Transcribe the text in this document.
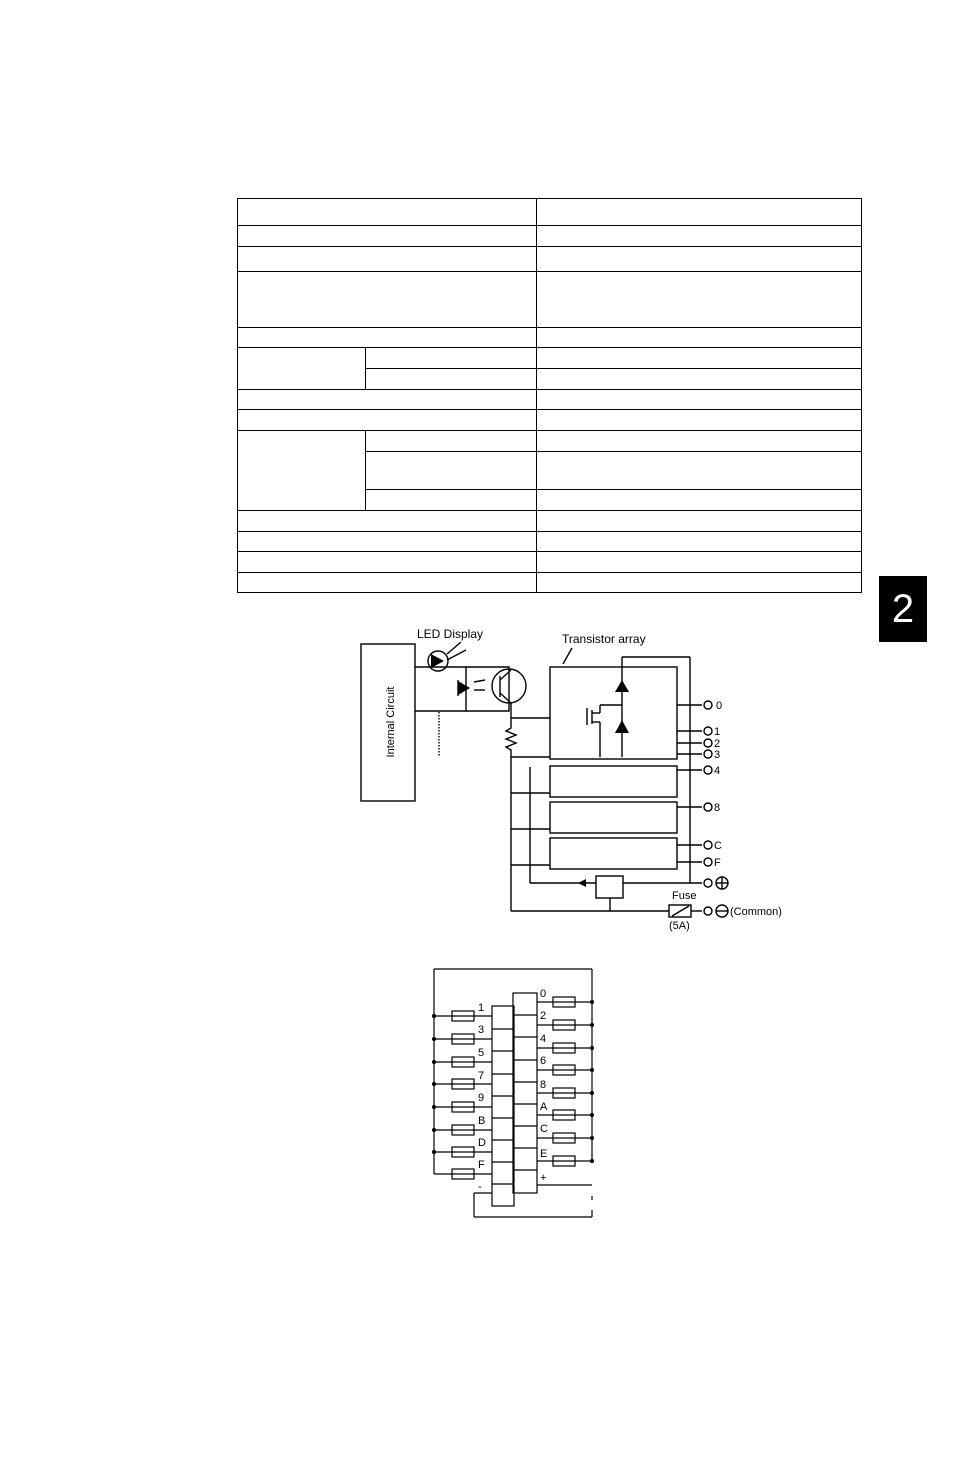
2
Internal Circuit
LED Display	Transistor array
0
1
2
3
4
8
C
F
Fuse
(5A)
(Common)
1
3
5
7
9
B
D
F
-
0
2
4
6
8
A
C
E
+
